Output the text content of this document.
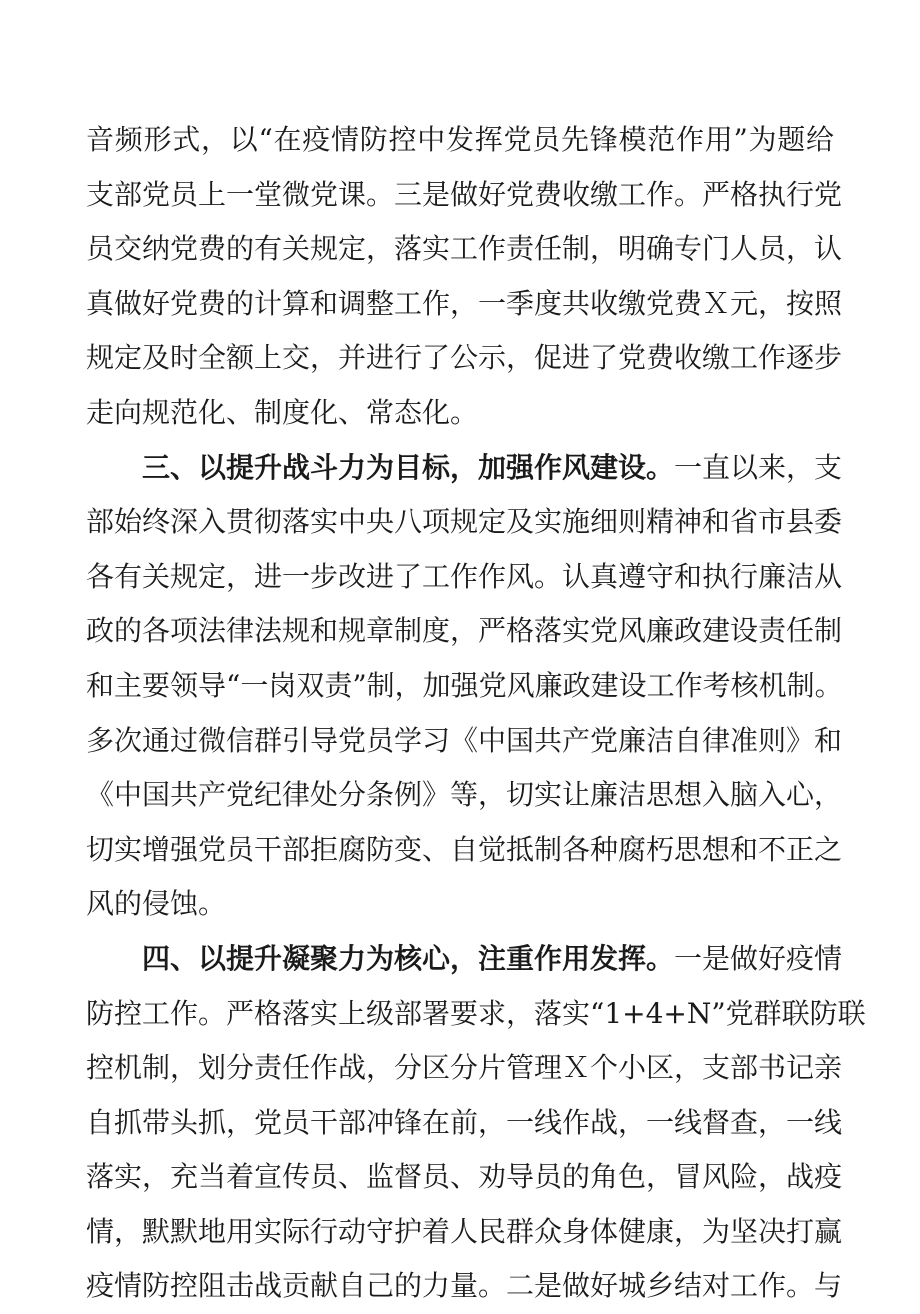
音频形式，以“在疫情防控中发挥党员先锋模范作用”为题给
支部党员上一堂微党课。三是做好党费收缴工作。严格执行党
员交纳党费的有关规定，落实工作责任制，明确专门人员，认
真做好党费的计算和调整工作，一季度共收缴党费Ｘ元，按照
规定及时全额上交，并进行了公示，促进了党费收缴工作逐步
走向规范化、制度化、常态化。
三、以提升战斗力为目标，加强作风建设。一直以来，支
部始终深入贯彻落实中央八项规定及实施细则精神和省市县委
各有关规定，进一步改进了工作作风。认真遵守和执行廉洁从
政的各项法律法规和规章制度，严格落实党风廉政建设责任制
和主要领导“一岗双责”制，加强党风廉政建设工作考核机制。
多次通过微信群引导党员学习《中国共产党廉洁自律准则》和
《中国共产党纪律处分条例》等，切实让廉洁思想入脑入心，
切实增强党员干部拒腐防变、自觉抵制各种腐朽思想和不正之
风的侵蚀。
四、以提升凝聚力为核心，注重作用发挥。一是做好疫情
防控工作。严格落实上级部署要求，落实“1+4+N”党群联防联
控机制，划分责任作战，分区分片管理Ｘ个小区，支部书记亲
自抓带头抓，党员干部冲锋在前，一线作战，一线督查，一线
落实，充当着宣传员、监督员、劝导员的角色，冒风险，战疫
情，默默地用实际行动守护着人民群众身体健康，为坚决打赢
疫情防控阻击战贡献自己的力量。二是做好城乡结对工作。与
